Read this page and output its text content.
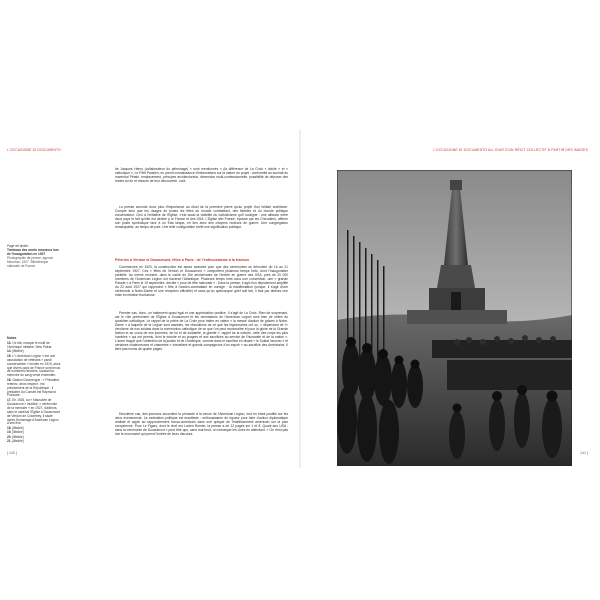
L'OCCASIONE DI DOCUMENTO	L'OCCASIONE DI DOCUMENTO AU JOUR D'UN RÉCIT COLLECTIF À PARTIR DES IMAGES
Page de droite :
Tombeau des morts inconnus lors de l'inauguration en 1927
Photographie de presse, agence Meurisse, 1927. Bibliothèque nationale de France.
Notes
13. Ce fait, marqué le motif de l'Amérique militaire, New Patria.
14. [illisible]
15. L'« American Legion » est une association de vétérans « paroli conservatrice » fondée en 1919, alors que divers pays de France sont tenus de nombreux anciens, soudant la mémoire du sang versé ensemble.
16. Gaston Doumergue : « Président, retenez, deux respect : est précisément de la République ; il président du Conseil est Raymond Poincaré.
17. En 1926, au « Mausolée de Douaumont » inutilisé, « cérémonie de la mémoire » en 1927, d'ailleurs, sans le cardinal l'Église à Douaumont de Verdun de Colombey, il saute après l'hommage d'American Legion a ses fins.
18. [illisible]
19. [illisible]
20. [illisible]
21. [illisible]

de Jacques Henry (collaborateur du pèlerinage) « sont mentionnés » (la différence de La Croix « laïcité » et « catholique », Le Petit Parisien, en prend connaissance d'informations sur la nature du projet : conformité au souhait du maréchal Pétain, emplacement, principes architecturaux, dimension multi-confessionnelle, possibilité de déposer des restes au fur et mesure de leur découverte, coût.

La presse accorde donc plus d'importance au rituel de la première pierre qu'au projet d'un brillant architecte. Compte tenu que les usages de toutes les fêtes du monde combattant, des familles et du monde politique conservateur. Ceci à l'initiative de l'Église, c'est aussi la visibilité du catholicisme qu'il souligne : une alliance entre deux pays le fait qu'elle est dédiée a la France et des USA. L'Église afin France, épouse par les Chevaliers, affirme son poids symbolique face à un État laïque, en lien avec des citoyens recteurs de guerre. Une congrégation remarquable, au temps de paix. Une telle configuration revêt une signification politique.

Pèlerins à Verdun et Douaumont, fêtes à Paris : de l'enthousiasme à la fracture

Commencée en 1920, la construction est assez avancée pour que des cérémonies se déroulent du 16 au 21 septembre 1927. Ces « fêtes de Verdun et Douaumont » comportent plusieurs temps forts, dont l'inauguration partielle. Au même moment, dans le cadre du 10e anniversaire de l'entrée en guerre des USA, près de 20 000 membres de l'American Legion ont traversé l'Atlantique. Plusieurs temps forts sous une convention, une « grande Parade » à Paris le 19 septembre, décrite « pour de fête nationale » : Dans la presse, il agit d'un déploiement amplifié du 22 août 1927 qui rapproche « fête à l'ancien-combattant en cortège : la manifestation (unique, il s'agit d'une cérémonie à Notre-Dame et une réception officielle) et sans qu'un quelconque grief soit fait, il faut par ailleurs une mise en relation fructueuse.

Premier cas, donc, un traitement quasi égal et une appréciation positive. Il s'agit de La Croix. Rien de surprenant, car le rôle prééminent de l'Église à Douaumont et les orientations de l'American Legion sont bien de celles du quotidien catholique. Le rappel de la prière de La Croix pour traiter en valeur « la messe d'action de grâces à Notre-Dame » à laquelle de la Legion sont assistés, les résolutions de ce que les légionnaires ont su, « dépendant de l'« héroïsme de nos soldats dans la communion catholique de ce que l'on peut reconnaître et pour la gloire de la Grande Nation et au cours de ces journées, de foi et de solidarité, la gravité », rappel de la victoire, celle des corps les plus humbles « qui ont permis, dont le monde et au progrès et aux sacrifices au service de l'humanité et de la nation ». L'autre frappe que l'obtention de la justice et de l'Amérique, comme dans le sacrifice en disant « le Soldat inconnu » et certaines chaleureuses et charmées « chevaliers et grands compagnons d'un espoir » au sacrifice des Américains. Il tient pas moins de quatre pages.

Deuxième cas, des journaux accordent la primauté à la venue de l'American Legion, tout en étant positifs sur les deux événements. La motivation politique est manifeste : enthousiasme de rigueur pour faire d'action diplomatique réaliste et appel au rapprochement franco-américain dans une optique de l'établissement américain sur la paix européenne. Pour Le Figaro, dont le chef est Lucien Romier, la presse a de 12 pages sur 1 et 8. Quant aux USA : dans la cérémonie de Douaumont « peut être que, sans tout bruit, on remarque les Unes en attendant. » On n'est pas loin le monument qui prend l'entrée de leurs discours.

[ 140 ]	141 ]
